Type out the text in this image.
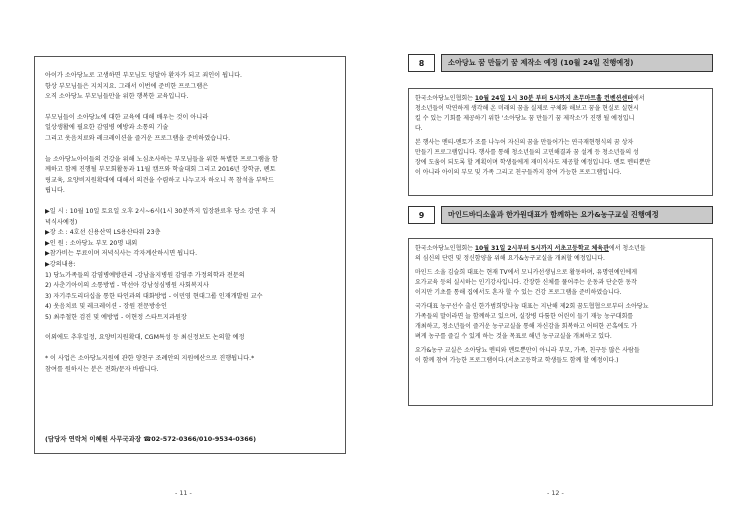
아이가 소아당뇨로 고생하면 부모님도 덩달아 환자가 되고 죄인이 됩니다.
항상 부모님들은 지치지요. 그래서 이번에 준비한 프로그램은
오직 소아당뇨 부모님들만을 위한 행복한 교육입니다.

부모님들이 소아당뇨에 대한 교육에 대해 배우는 것이 아니라
일상생활에 필요한 감염병 예방과 소통의 기술
그리고 웃음치료와 레크레이션을 즐거운 프로그램을 준비하였습니다.

늘 소아당뇨아이들의 건강을 위해 노심초사하는 부모님들을 위한 특별한 프로그램을 함
께하고 함께 진행될 부모회활동과 11월 캠프와 학술대회 그리고 2016년 장학금, 펜토
링교육, 요양비지원확대에 대해서 의견을 수렴하고 나누고자 하오니 꼭 참석을 부탁드
립니다.

▶일 시 : 10월 10일 토요일 오후 2시~6시(1시 30분까지 입장완료후 당소 강연 후 저
녁식사예정)
▶장 소 : 4호선 신용산역 LS용산타워 23층
▶인 원 : 소아당뇨 부모 20명 내외
▶참가비는 무료이며 저녁식사는 각자계산하시면 됩니다.
▶강의내용:
1) 당뇨가족들의 감염병예방관리 -강남을지병원 감염주 가정의학과 전문의
2) 사춘기아이의 소통방법 - 막선아 강남성심병원 사회복지사
3) 자기주도리더십을 통한 타인과의 대화방법 - 이민영 현대그룹 인재개발원 교수
4) 웃음치료 및 레크레이션 - 장원 전문방송인
5) 최주철한 검진 및 예방법 - 이현정 스타트지과원장

이외에도 추후일정, 요양비지원확대, CGM특성 등 최신정보도 논의할 예정

* 이 사업은 소아당뇨지원에 관한 양천구 조례안의 지원예산으로 진행됩니다.*
참여를 원하시는 분은 전화/문자 바랍니다.

(담당자 연락처 이혜원 사무국과장 ☎02-572-0366/010-9534-0366)
- 11 -
8	소아당뇨 꿈 만들기 꿈 제작소 예정 (10월 24일 진행예정)

한국소아당뇨인협회는 10월 24일 1시 30분 부터 5시까지 초무마트홀 컨벤션센터에서
청소년들이 막연하게 생각해 온 미래의 꿈을 실제로 구체화 해보고 꿈을 현실로 실현시
킬 수 있는 기회를 제공하기 위한 '소아당뇨 꿈 만들기 꿈 제작소'가 진행 될 예정입니
다.

본 행사는 멘티-멘토가 조를 나누어 자신의 꿈을 만들어가는 연극재현형식의 꿈 상자
만들기 프로그램입니다. 행사를 통해 청소년들의 고민해결과 꿈 설계 등 청소년들의 성
장에 도움이 되도록 할 계획이며 학생들에게 재미식사도 제공할 예정입니다. 멘토 멘티뿐만
이 아니라 아이의 부모 및 가족 그리고 친구들까지 참여 가능한 프로그램입니다.

9	마인드바디소울과 한가원대표가 함께하는 요가&농구교실 진행예정

한국소아당뇨인협회는 10월 31일 2시부터 5시까지 서초고등학교 체육관에서 청소년들
의 심신의 단련 및 정신함양을 위해 요가&농구교실을 개최할 예정입니다.

마인드 소울 김슬희 대표는 현재 TV에서 모니카선생님으로 활동하며, 유명연예인에게
요가교육 등의 실시하는 인기강사입니다. 간장한 신체를 풀어주는 운동과 단순한 동작
이지만 기초를 통해 집에서도 혼자 할 수 있는 건강 프로그램을 준비하였습니다.

국가대표 농구선수 출신 한가범희망나눔 대표는 지난해 제2회 꿈도협협으로부터 소아당뇨
가족들의 말이라면 늘 함께하고 있으며, 실장병 다툼한 어린이 들기 재능 농구대회를
개최하고, 청소년들이 즐거운 농구교실을 통해 자신감을 회복하고 어떠한 곤혹에도 가
벼게 농구를 즐길 수 있게 하는 것을 목표로 해년 농구교실을 개최하고 있다.

요가&농구 교실은 소아당뇨 멘티와 멘토뿐만이 아니라 부모, 가족, 친구등 많은 사람들
이 함께 참여 가능한 프로그램이다.(서초고등학교 학생들도 함께 할 예정이다.)

- 12 -
